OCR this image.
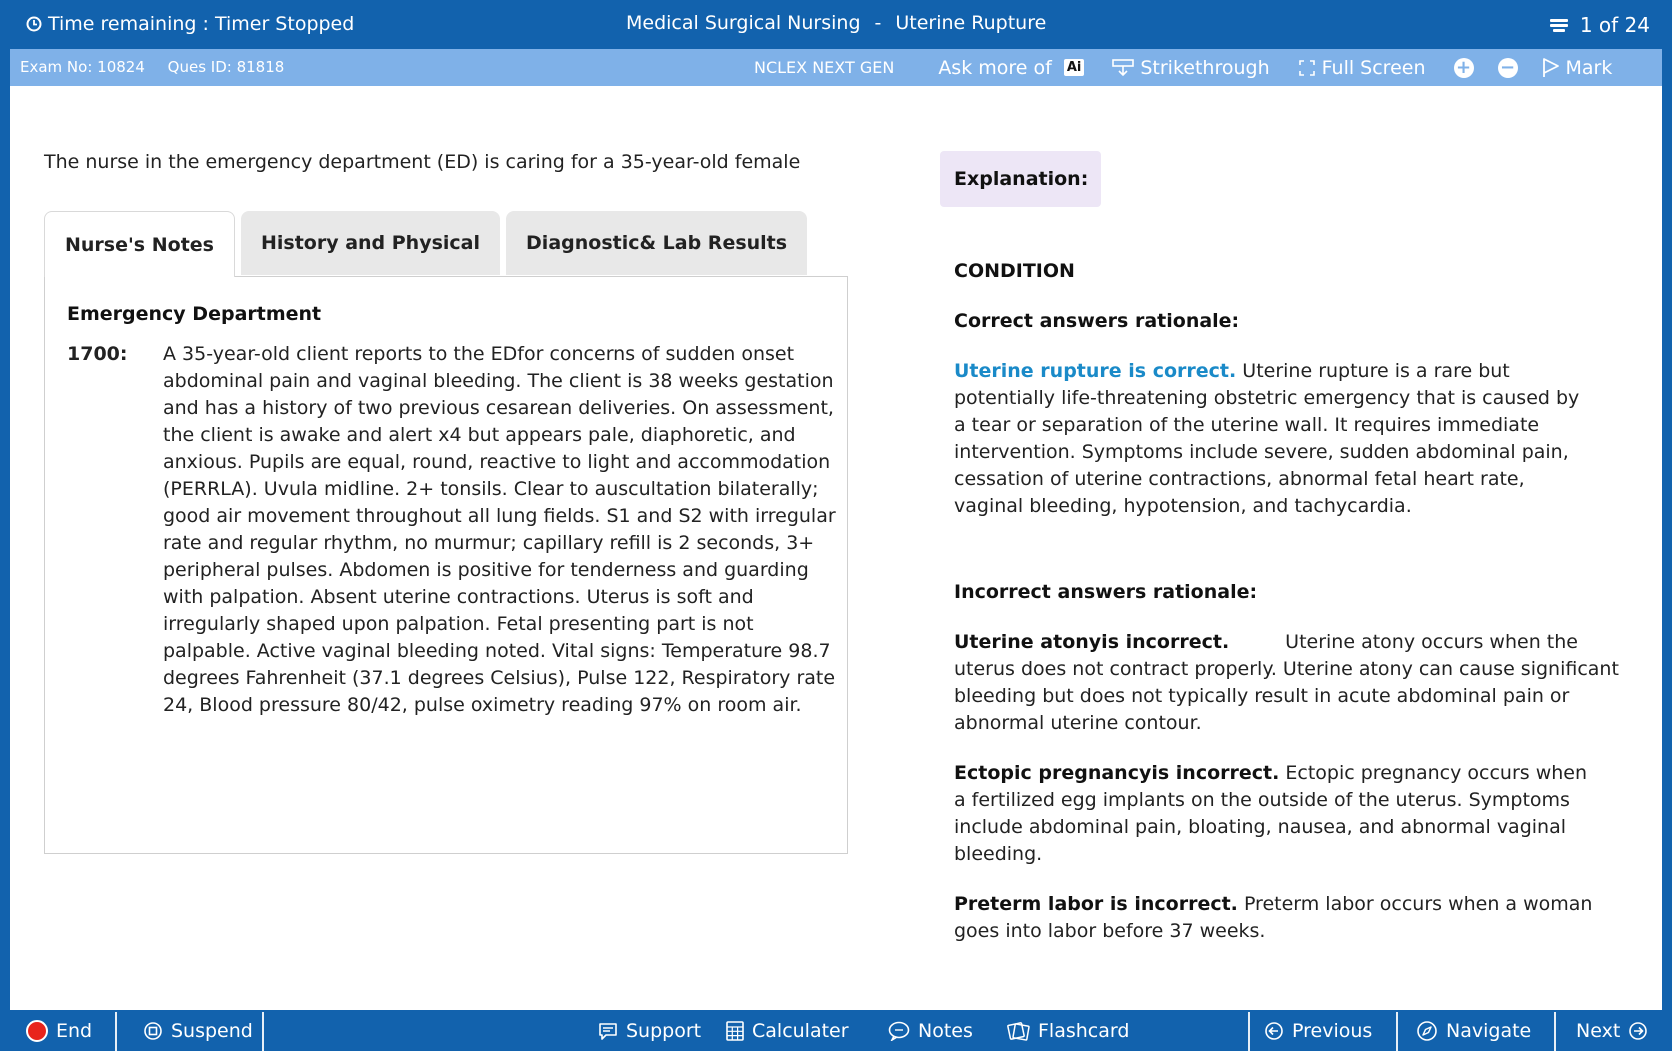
Time remaining : Timer Stopped	Medical Surgical Nursing - Uterine Rupture	1 of 24
Exam No: 10824 Ques ID: 81818	NCLEX NEXT GEN Ask more of Ai	Strikethrough	Full Screen + −	Mark
The nurse in the emergency department (ED) is caring for a 35-year-old female
Nurse's Notes	History and Physical	Diagnostic& Lab Results
Emergency Department
1700: A 35-year-old client reports to the EDfor concerns of sudden onset abdominal pain and vaginal bleeding. The client is 38 weeks gestation and has a history of two previous cesarean deliveries. On assessment, the client is awake and alert x4 but appears pale, diaphoretic, and anxious. Pupils are equal, round, reactive to light and accommodation (PERRLA). Uvula midline. 2+ tonsils. Clear to auscultation bilaterally; good air movement throughout all lung fields. S1 and S2 with irregular rate and regular rhythm, no murmur; capillary refill is 2 seconds, 3+ peripheral pulses. Abdomen is positive for tenderness and guarding with palpation. Absent uterine contractions. Uterus is soft and irregularly shaped upon palpation. Fetal presenting part is not palpable. Active vaginal bleeding noted. Vital signs: Temperature 98.7 degrees Fahrenheit (37.1 degrees Celsius), Pulse 122, Respiratory rate 24, Blood pressure 80/42, pulse oximetry reading 97% on room air.
Explanation:

CONDITION

Correct answers rationale:

Uterine rupture is correct. Uterine rupture is a rare but potentially life-threatening obstetric emergency that is caused by a tear or separation of the uterine wall. It requires immediate intervention. Symptoms include severe, sudden abdominal pain, cessation of uterine contractions, abnormal fetal heart rate, vaginal bleeding, hypotension, and tachycardia.

Incorrect answers rationale:

Uterine atonyis incorrect.	Uterine atony occurs when the uterus does not contract properly. Uterine atony can cause significant bleeding but does not typically result in acute abdominal pain or abnormal uterine contour.

Ectopic pregnancyis incorrect. Ectopic pregnancy occurs when a fertilized egg implants on the outside of the uterus. Symptoms include abdominal pain, bloating, nausea, and abnormal vaginal bleeding.

Preterm labor is incorrect. Preterm labor occurs when a woman goes into labor before 37 weeks.

End	Suspend	Support	Calculater	Notes	Flashcard	Previous	Navigate Next
